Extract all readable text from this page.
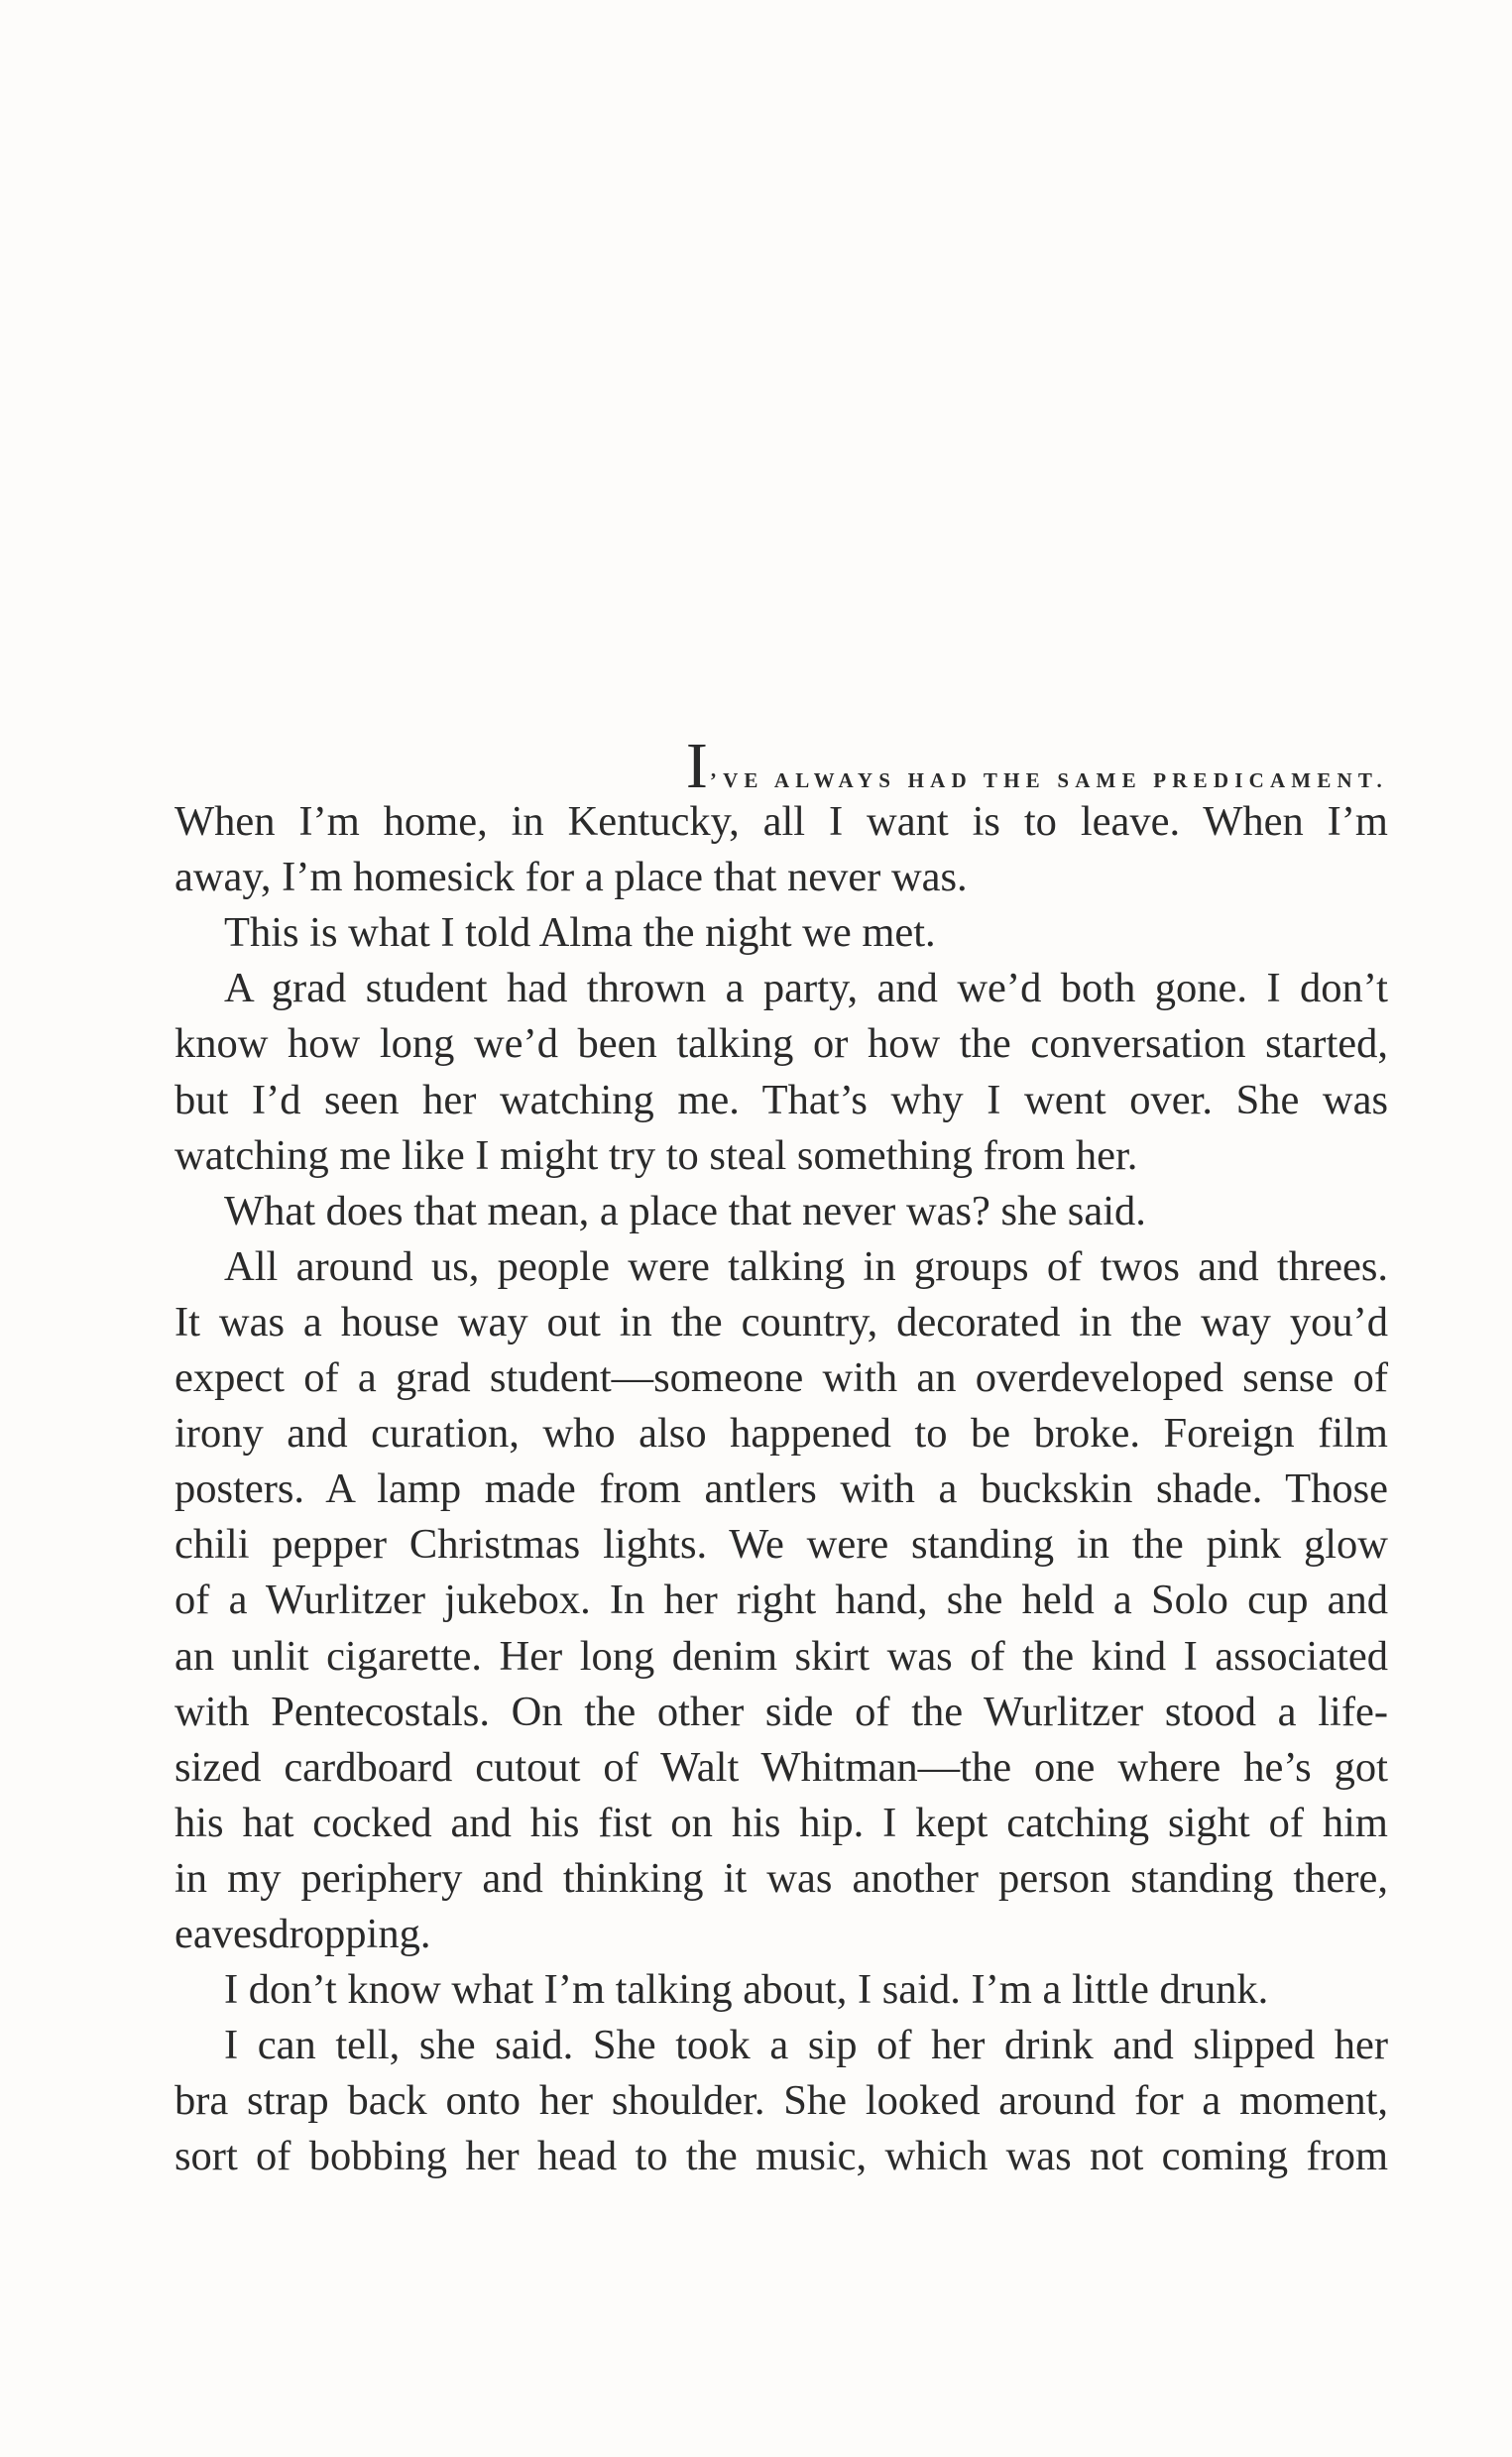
I’VE ALWAYS HAD THE SAME PREDICAMENT.
When I’m home, in Kentucky, all I want is to leave. When I’m
away, I’m homesick for a place that never was.
This is what I told Alma the night we met.
A grad student had thrown a party, and we’d both gone. I don’t
know how long we’d been talking or how the conversation started,
but I’d seen her watching me. That’s why I went over. She was
watching me like I might try to steal something from her.
What does that mean, a place that never was? she said.
All around us, people were talking in groups of twos and threes.
It was a house way out in the country, decorated in the way you’d
expect of a grad student—someone with an overdeveloped sense of
irony and curation, who also happened to be broke. Foreign film
posters. A lamp made from antlers with a buckskin shade. Those
chili pepper Christmas lights. We were standing in the pink glow
of a Wurlitzer jukebox. In her right hand, she held a Solo cup and
an unlit cigarette. Her long denim skirt was of the kind I associated
with Pentecostals. On the other side of the Wurlitzer stood a life-
sized cardboard cutout of Walt Whitman—the one where he’s got
his hat cocked and his fist on his hip. I kept catching sight of him
in my periphery and thinking it was another person standing there,
eavesdropping.
I don’t know what I’m talking about, I said. I’m a little drunk.
I can tell, she said. She took a sip of her drink and slipped her
bra strap back onto her shoulder. She looked around for a moment,
sort of bobbing her head to the music, which was not coming from
